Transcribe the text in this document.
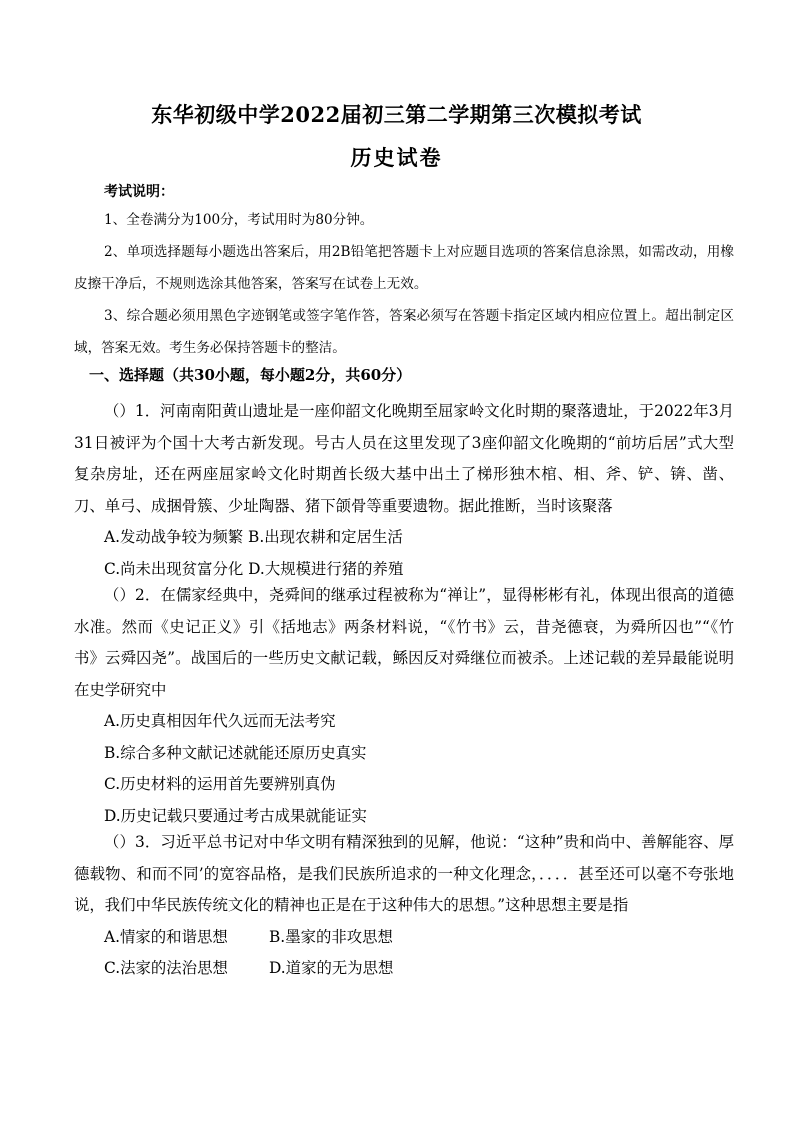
东华初级中学2022届初三第二学期第三次模拟考试
历史试卷
考试说明：

1、全卷满分为100分，考试用时为80分钟。

2、单项选择题每小题选出答案后，用2B铅笔把答题卡上对应题目选项的答案信息涂黑，如需改动，用橡皮擦干净后，不规则选涂其他答案，答案写在试卷上无效。

3、综合题必须用黑色字迹钢笔或签字笔作答，答案必须写在答题卡指定区域内相应位置上。超出制定区域，答案无效。考生务必保持答题卡的整洁。

一、选择题（共30小题，每小题2分，共60分）

（）1．河南南阳黄山遗址是一座仰韶文化晚期至屈家岭文化时期的聚落遗址，于2022年3月31日被评为个国十大考古新发现。号古人员在这里发现了3座仰韶文化晚期的“前坊后居”式大型复杂房址，还在两座屈家岭文化时期酋长级大基中出土了梯形独木棺、相、斧、铲、锛、凿、刀、单弓、成捆骨簇、少址陶器、猪下颌骨等重要遗物。据此推断，当时该聚落

A.发动战争较为频繁 B.出现农耕和定居生活
C.尚未出现贫富分化 D.大规模进行猪的养殖

（）2．在儒家经典中，尧舜间的继承过程被称为“禅让”，显得彬彬有礼，体现出很高的道德水准。然而《史记正义》引《括地志》两条材料说，“《竹书》云，昔尧德衰，为舜所囚也”“《竹书》云舜囚尧”。战国后的一些历史文献记载，鲧因反对舜继位而被杀。上述记载的差异最能说明在史学研究中

A.历史真相因年代久远而无法考究
B.综合多种文献记述就能还原历史真实
C.历史材料的运用首先要辨别真伪
D.历史记载只要通过考古成果就能证实

（）3．习近平总书记对中华文明有精深独到的见解，他说：“这种”贵和尚中、善解能容、厚德载物、和而不同’的宽容品格，是我们民族所追求的一种文化理念，．．．．甚至还可以毫不夸张地说，我们中华民族传统文化的精神也正是在于这种伟大的思想。”这种思想主要是指

A.情家的和谐思想	B.墨家的非攻思想
C.法家的法治思想	D.道家的无为思想
